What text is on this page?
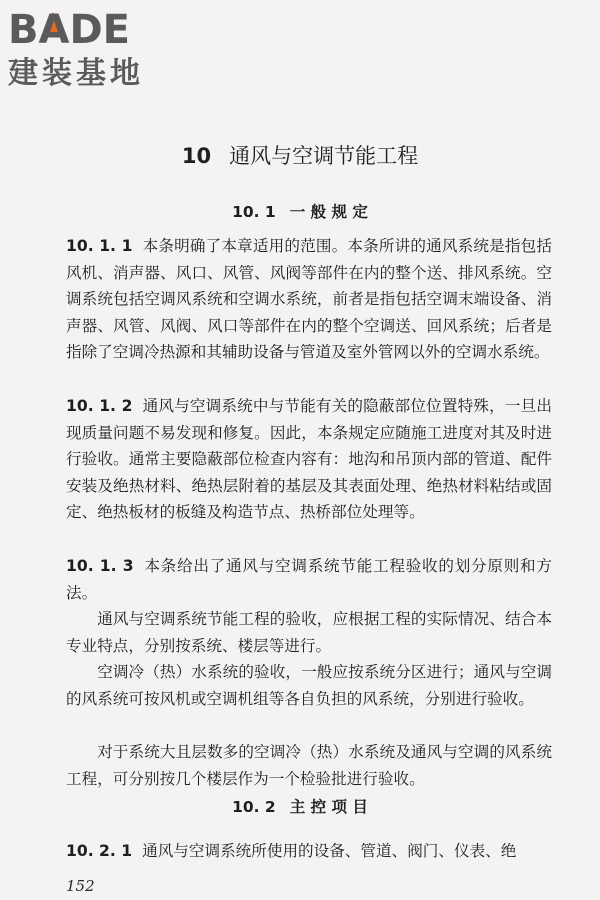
B
ADE
建装基地
10 通风与空调节能工程
10. 1 一 般 规 定

10. 1. 1 本条明确了本章适用的范围。本条所讲的通风系统是指包括风机、消声器、风口、风管、风阀等部件在内的整个送、排风系统。空调系统包括空调风系统和空调水系统，前者是指包括空调末端设备、消声器、风管、风阀、风口等部件在内的整个空调送、回风系统；后者是指除了空调冷热源和其辅助设备与管道及室外管网以外的空调水系统。

10. 1. 2 通风与空调系统中与节能有关的隐蔽部位位置特殊，一旦出现质量问题不易发现和修复。因此，本条规定应随施工进度对其及时进行验收。通常主要隐蔽部位检查内容有：地沟和吊顶内部的管道、配件安装及绝热材料、绝热层附着的基层及其表面处理、绝热材料粘结或固定、绝热板材的板缝及构造节点、热桥部位处理等。

10. 1. 3 本条给出了通风与空调系统节能工程验收的划分原则和方法。

通风与空调系统节能工程的验收，应根据工程的实际情况、结合本专业特点，分别按系统、楼层等进行。

空调冷（热）水系统的验收，一般应按系统分区进行；通风与空调的风系统可按风机或空调机组等各自负担的风系统，分别进行验收。

对于系统大且层数多的空调冷（热）水系统及通风与空调的风系统工程，可分别按几个楼层作为一个检验批进行验收。

10. 2 主 控 项 目

10. 2. 1 通风与空调系统所使用的设备、管道、阀门、仪表、绝

152
